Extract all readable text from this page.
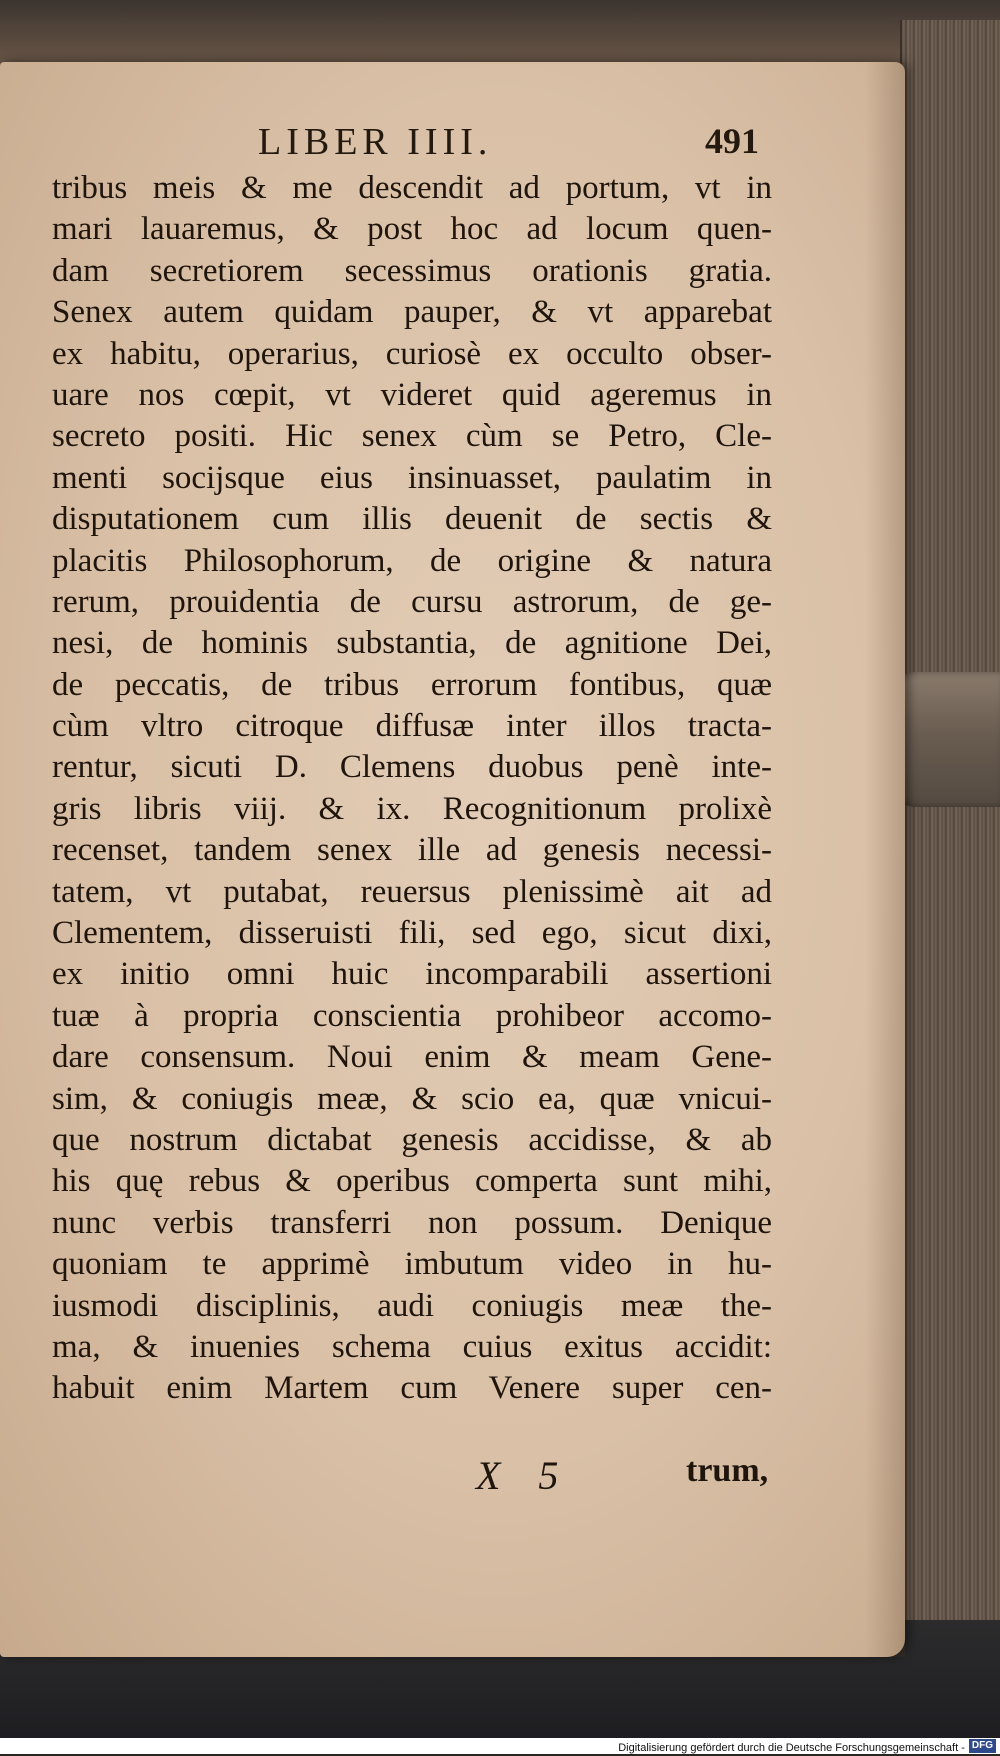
LIBER IIII.	491
tribus meis & me descendit ad portum, vt in
mari lauaremus, & post hoc ad locum quen-
dam secretiorem secessimus orationis gratia.
Senex autem quidam pauper, & vt apparebat
ex habitu, operarius, curiosè ex occulto obser-
uare nos cœpit, vt videret quid ageremus in
secreto positi. Hic senex cùm se Petro, Cle-
menti socijsque eius insinuasset, paulatim in
disputationem cum illis deuenit de sectis &
placitis Philosophorum, de origine & natura
rerum, prouidentia de cursu astrorum, de ge-
nesi, de hominis substantia, de agnitione Dei,
de peccatis, de tribus errorum fontibus, quæ
cùm vltro citroque diffusæ inter illos tracta-
rentur, sicuti D. Clemens duobus penè inte-
gris libris viij. & ix. Recognitionum prolixè
recenset, tandem senex ille ad genesis necessi-
tatem, vt putabat, reuersus plenissimè ait ad
Clementem, disseruisti fili, sed ego, sicut dixi,
ex initio omni huic incomparabili assertioni
tuæ à propria conscientia prohibeor accomo-
dare consensum. Noui enim & meam Gene-
sim, & coniugis meæ, & scio ea, quæ vnicui-
que nostrum dictabat genesis accidisse, & ab
his quę rebus & operibus comperta sunt mihi,
nunc verbis transferri non possum. Denique
quoniam te apprimè imbutum video in hu-
iusmodi disciplinis, audi coniugis meæ the-
ma, & inuenies schema cuius exitus accidit:
habuit enim Martem cum Venere super cen-
X 5	trum,
Digitalisierung gefördert durch die Deutsche Forschungsgemeinschaft - DFG
